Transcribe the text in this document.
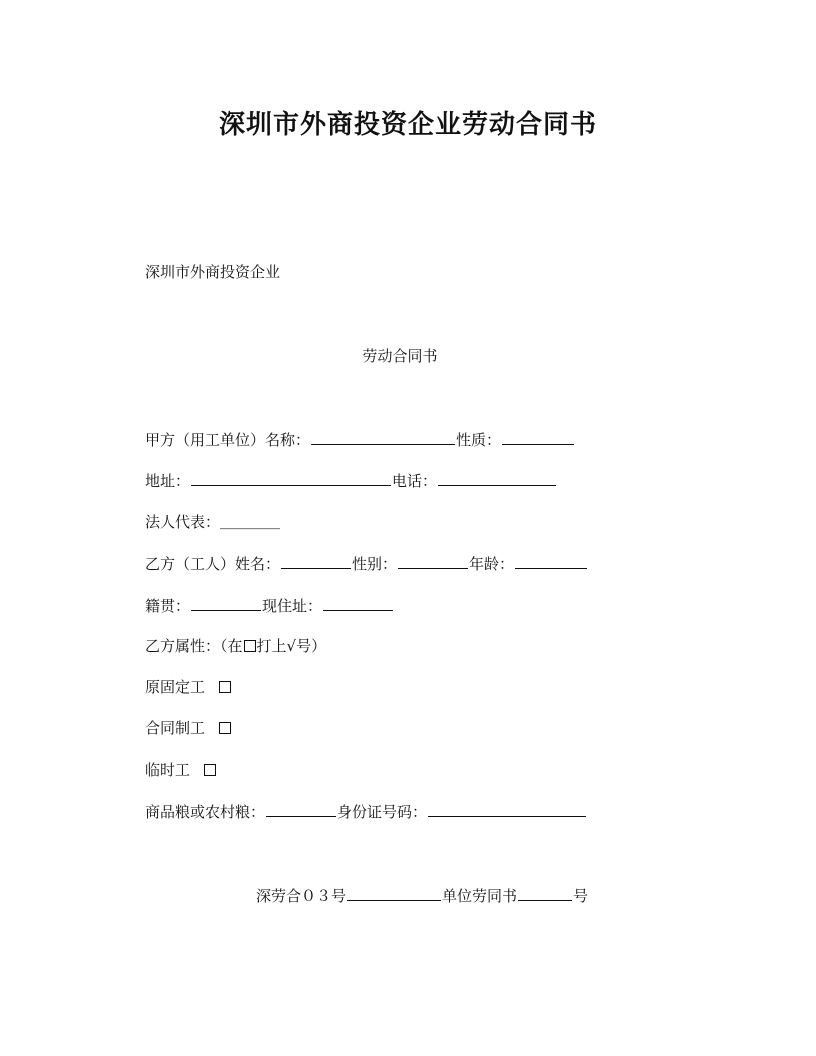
深圳市外商投资企业劳动合同书
深圳市外商投资企业
劳动合同书
甲方（用工单位）名称：	性质：
地址：	电话：
法人代表：＿＿＿＿
乙方（工人）姓名：	性别：	年龄：
籍贯：	现住址：
乙方属性：（在 打上√号）
原固定工
合同制工
临时工
商品粮或农村粮：	身份证号码：
深劳合０３号	单位劳同书	号
